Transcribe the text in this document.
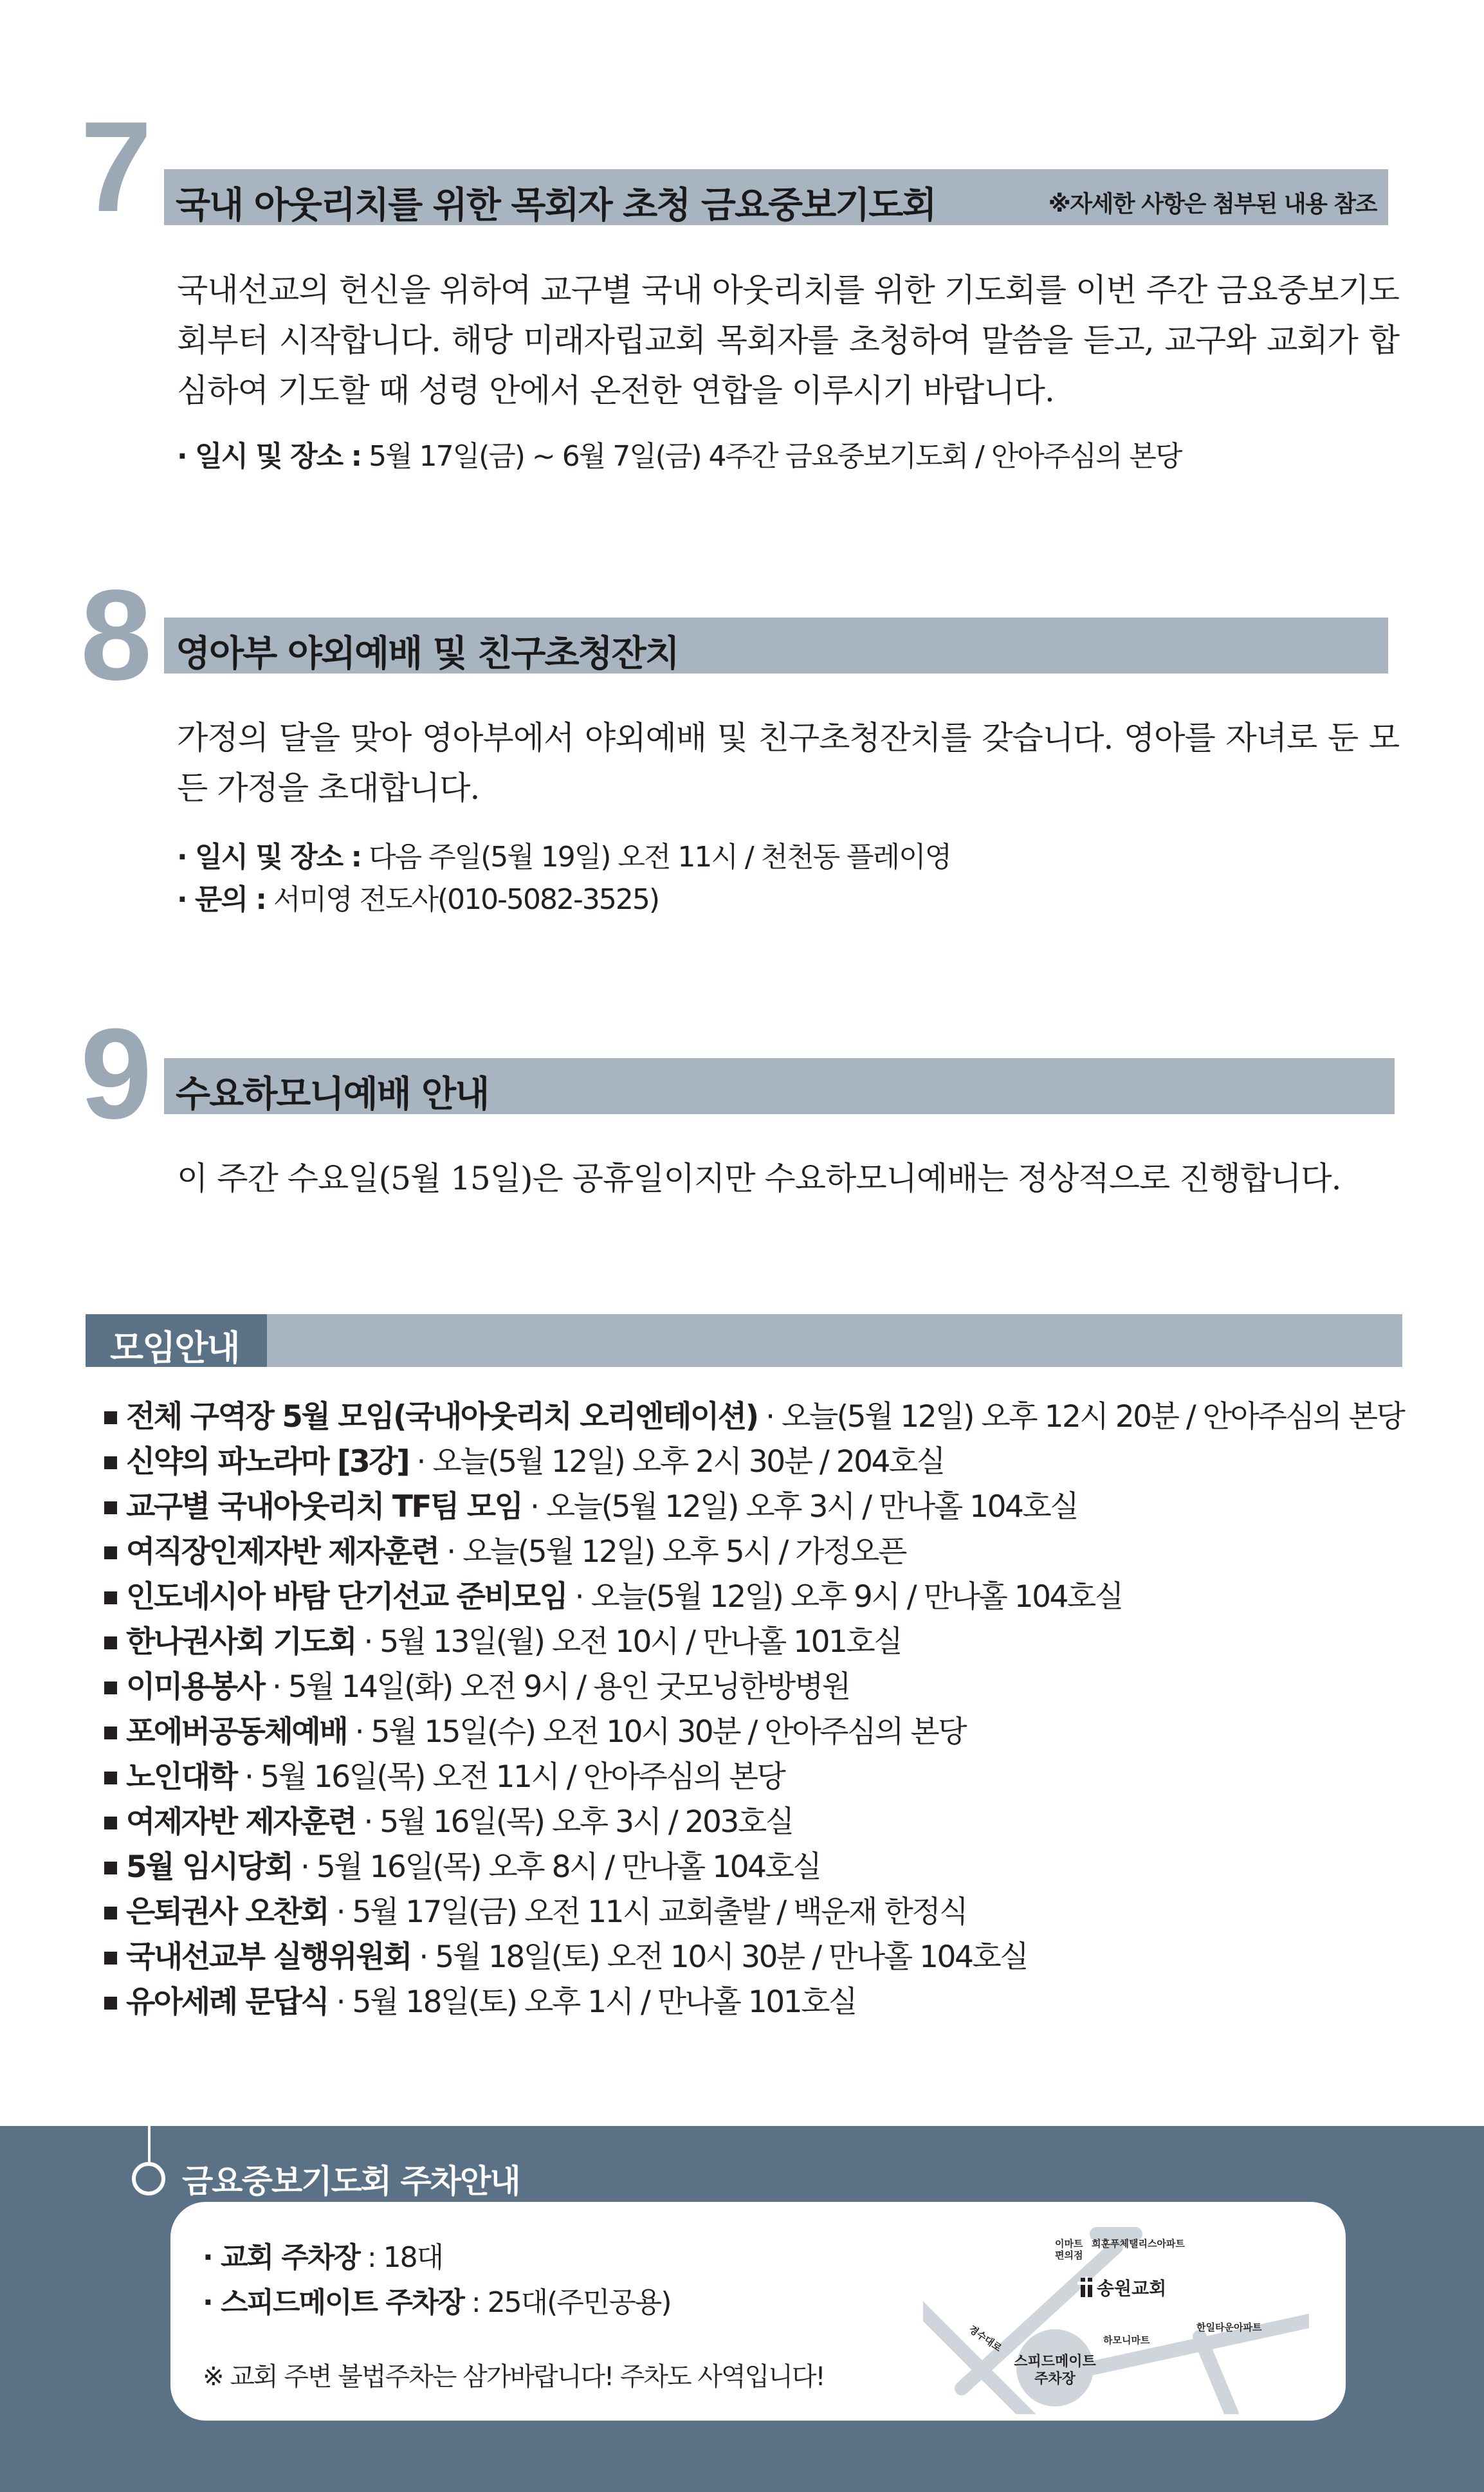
7 국내 아웃리치를 위한 목회자 초청 금요중보기도회	※자세한 사항은 첨부된 내용 참조
국내선교의 헌신을 위하여 교구별 국내 아웃리치를 위한 기도회를 이번 주간 금요중보기도회부터 시작합니다. 해당 미래자립교회 목회자를 초청하여 말씀을 듣고, 교구와 교회가 합심하여 기도할 때 성령 안에서 온전한 연합을 이루시기 바랍니다.
· 일시 및 장소 : 5월 17일(금) ~ 6월 7일(금) 4주간 금요중보기도회 / 안아주심의 본당
8 영아부 야외예배 및 친구초청잔치
가정의 달을 맞아 영아부에서 야외예배 및 친구초청잔치를 갖습니다. 영아를 자녀로 둔 모든 가정을 초대합니다.
· 일시 및 장소 : 다음 주일(5월 19일) 오전 11시 / 천천동 플레이영
· 문의 : 서미영 전도사(010-5082-3525)
9 수요하모니예배 안내
이 주간 수요일(5월 15일)은 공휴일이지만 수요하모니예배는 정상적으로 진행합니다.
모임안내
전체 구역장 5월 모임(국내아웃리치 오리엔테이션) · 오늘(5월 12일) 오후 12시 20분 / 안아주심의 본당
신약의 파노라마 [3강] · 오늘(5월 12일) 오후 2시 30분 / 204호실
교구별 국내아웃리치 TF팀 모임 · 오늘(5월 12일) 오후 3시 / 만나홀 104호실
여직장인제자반 제자훈련 · 오늘(5월 12일) 오후 5시 / 가정오픈
인도네시아 바탐 단기선교 준비모임 · 오늘(5월 12일) 오후 9시 / 만나홀 104호실
한나권사회 기도회 · 5월 13일(월) 오전 10시 / 만나홀 101호실
이미용봉사 · 5월 14일(화) 오전 9시 / 용인 굿모닝한방병원
포에버공동체예배 · 5월 15일(수) 오전 10시 30분 / 안아주심의 본당
노인대학 · 5월 16일(목) 오전 11시 / 안아주심의 본당
여제자반 제자훈련 · 5월 16일(목) 오후 3시 / 203호실
5월 임시당회 · 5월 16일(목) 오후 8시 / 만나홀 104호실
은퇴권사 오찬회 · 5월 17일(금) 오전 11시 교회출발 / 백운재 한정식
국내선교부 실행위원회 · 5월 18일(토) 오전 10시 30분 / 만나홀 104호실
유아세례 문답식 · 5월 18일(토) 오후 1시 / 만나홀 101호실
금요중보기도회 주차안내
· 교회 주차장 : 18대
· 스피드메이트 주차장 : 25대(주민공용)
※ 교회 주변 불법주차는 삼가바랍니다! 주차도 사역입니다!
이마트
편의점
희훈푸체탤리스아파트
송원교회
경수대로
스피드메이트
주차장
하모니마트
한일타운아파트
